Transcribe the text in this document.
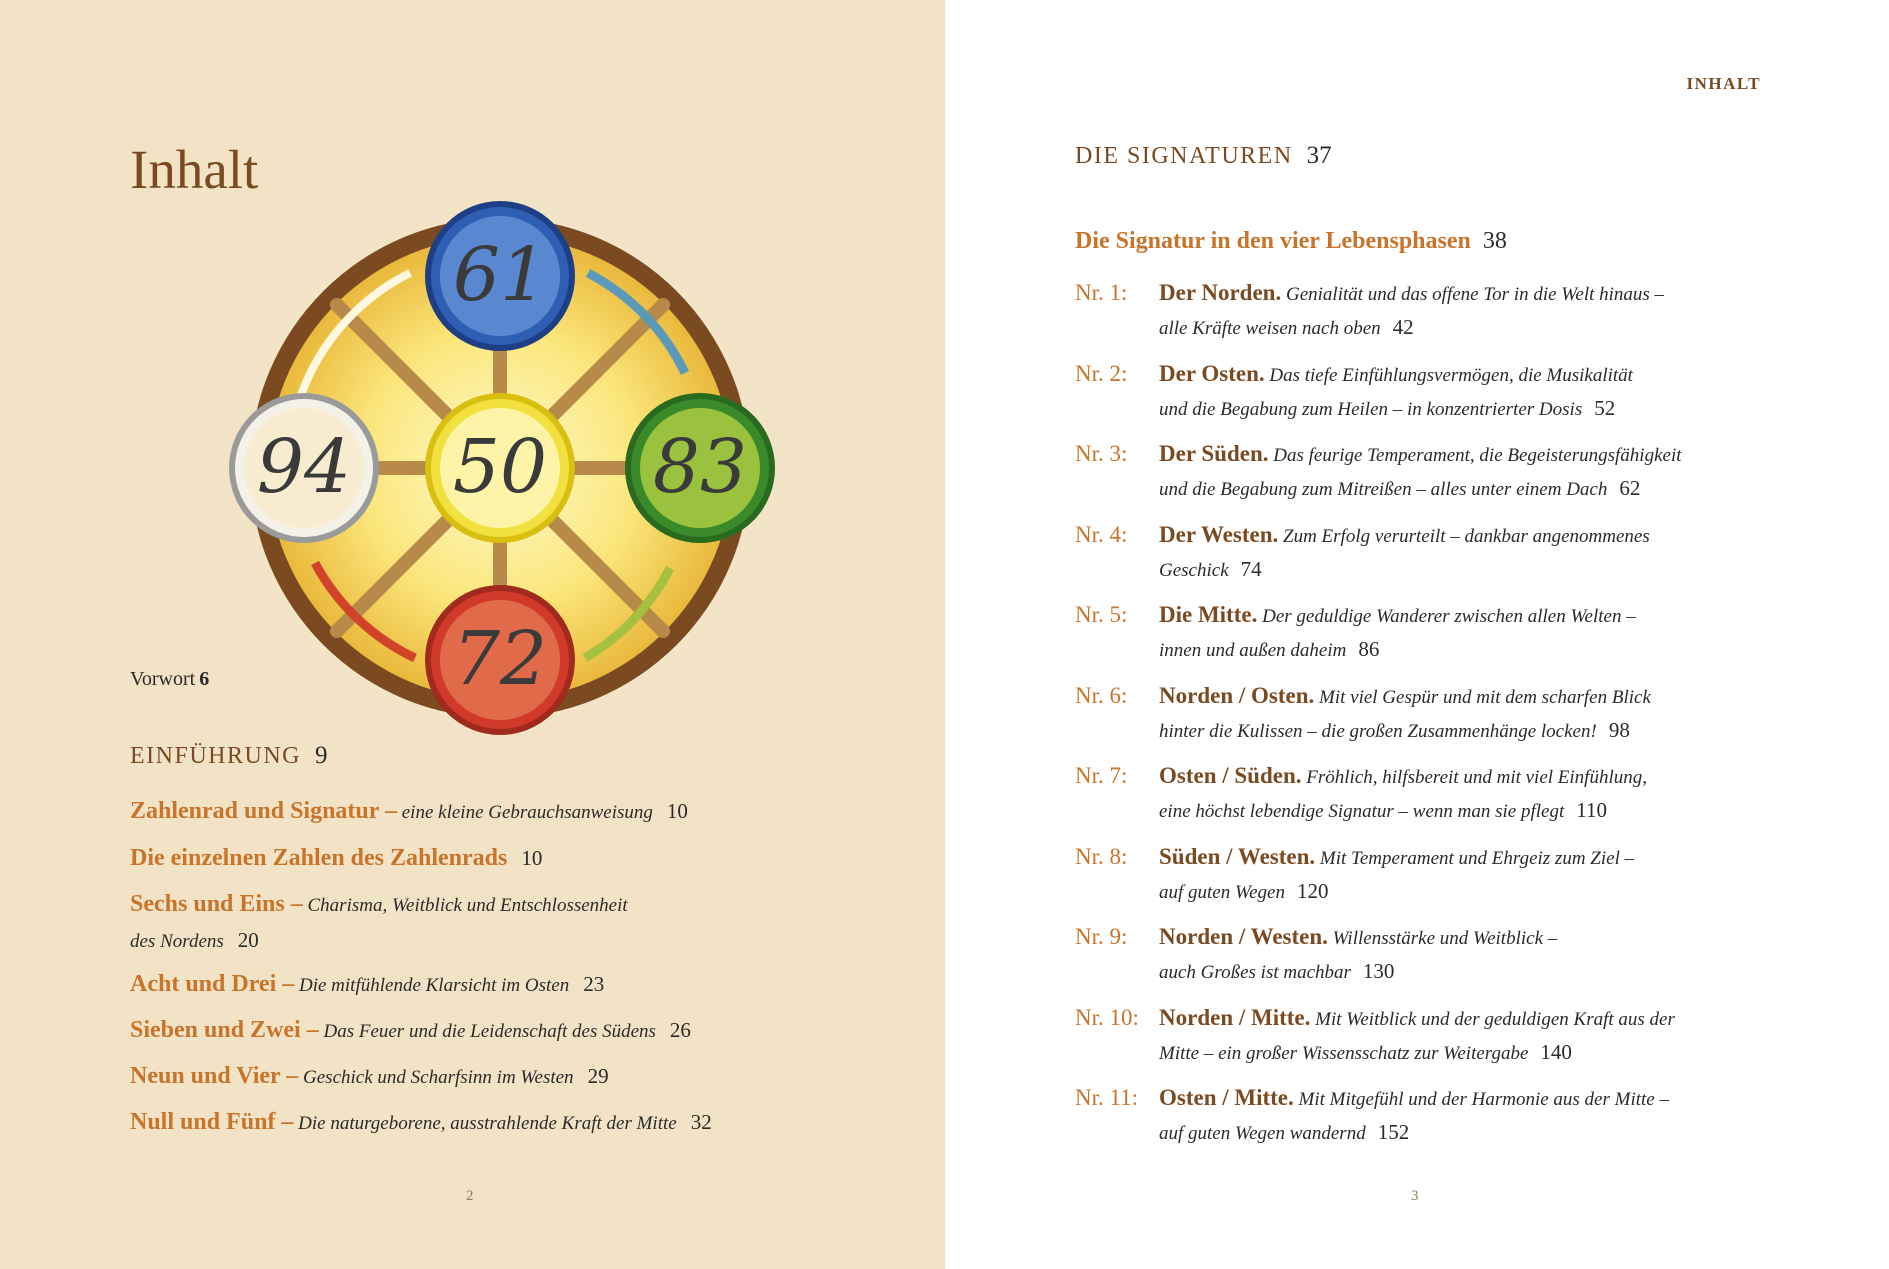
Inhalt
61
83
72
94 50
Vorwort 6
EINFÜHRUNG 9
Zahlenrad und Signatur – eine kleine Gebrauchsanweisung 10
Die einzelnen Zahlen des Zahlenrads 10
Sechs und Eins – Charisma, Weitblick und Entschlossenheit
des Nordens 20
Acht und Drei – Die mitfühlende Klarsicht im Osten 23
Sieben und Zwei – Das Feuer und die Leidenschaft des Südens 26
Neun und Vier – Geschick und Scharfsinn im Westen 29
Null und Fünf – Die naturgeborene, ausstrahlende Kraft der Mitte 32
2
INHALT
DIE SIGNATUREN 37
Die Signatur in den vier Lebensphasen 38
Nr. 1:	Der Norden. Genialität und das offene Tor in die Welt hinaus –
alle Kräfte weisen nach oben 42
Nr. 2:	Der Osten. Das tiefe Einfühlungsvermögen, die Musikalität
und die Begabung zum Heilen – in konzentrierter Dosis 52
Nr. 3:	Der Süden. Das feurige Temperament, die Begeisterungsfähigkeit
und die Begabung zum Mitreißen – alles unter einem Dach 62
Nr. 4:	Der Westen. Zum Erfolg verurteilt – dankbar angenommenes
Geschick 74
Nr. 5:	Die Mitte. Der geduldige Wanderer zwischen allen Welten –
innen und außen daheim 86
Nr. 6:	Norden / Osten. Mit viel Gespür und mit dem scharfen Blick
hinter die Kulissen – die großen Zusammenhänge locken! 98
Nr. 7:	Osten / Süden. Fröhlich, hilfsbereit und mit viel Einfühlung,
eine höchst lebendige Signatur – wenn man sie pflegt 110
Nr. 8:	Süden / Westen. Mit Temperament und Ehrgeiz zum Ziel –
auf guten Wegen 120
Nr. 9:	Norden / Westen. Willensstärke und Weitblick –
auch Großes ist machbar 130
Nr. 10: Norden / Mitte. Mit Weitblick und der geduldigen Kraft aus der
Mitte – ein großer Wissensschatz zur Weitergabe 140
Nr. 11: Osten / Mitte. Mit Mitgefühl und der Harmonie aus der Mitte –
auf guten Wegen wandernd 152
3
